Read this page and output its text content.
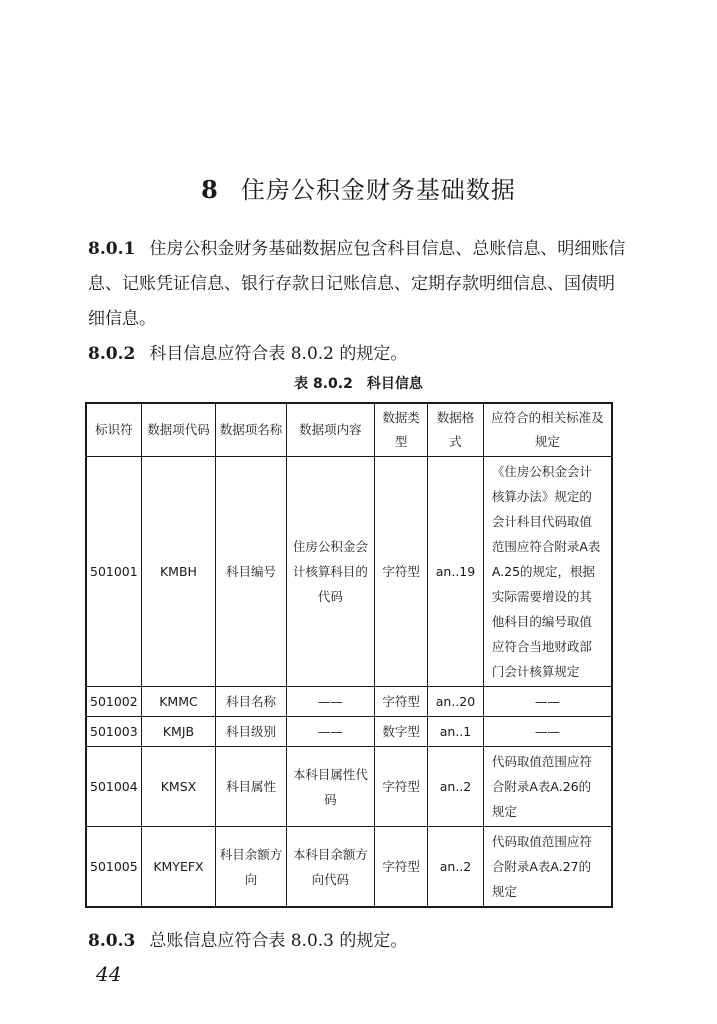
8 住房公积金财务基础数据
8.0.1 住房公积金财务基础数据应包含科目信息、总账信息、明细账信息、记账凭证信息、银行存款日记账信息、定期存款明细信息、国债明细信息。
8.0.2 科目信息应符合表 8.0.2 的规定。
表 8.0.2 科目信息
标识符	数据项代码	数据项名称	数据项内容	数据类型	数据格式	应符合的相关标准及规定
501001	KMBH	科目编号	住房公积金会计核算科目的代码	字符型	an..19	《住房公积金会计核算办法》规定的会计科目代码取值范围应符合附录A表A.25的规定，根据实际需要增设的其他科目的编号取值应符合当地财政部门会计核算规定
501002	KMMC	科目名称	——	字符型	an..20	——
501003	KMJB	科目级别	——	数字型	an..1	——
501004	KMSX	科目属性	本科目属性代码	字符型	an..2	代码取值范围应符合附录A表A.26的规定
501005	KMYEFX	科目余额方向	本科目余额方向代码	字符型	an..2	代码取值范围应符合附录A表A.27的规定
8.0.3 总账信息应符合表 8.0.3 的规定。
44
